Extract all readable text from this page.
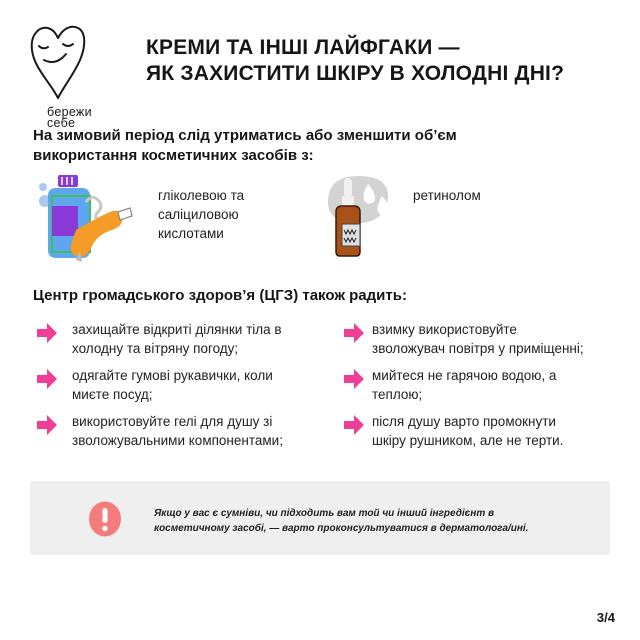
бережи
себе
КРЕМИ ТА ІНШІ ЛАЙФГАКИ —
ЯК ЗАХИСТИТИ ШКІРУ В ХОЛОДНІ ДНІ?
На зимовий період слід утриматись або зменшити об’єм
використання косметичних засобів з:
гліколевою та
саліциловою
кислотами
ретинолом
Центр громадського здоров’я (ЦГЗ) також радить:
захищайте відкриті ділянки тіла в
холодну та вітряну погоду;
одягайте гумові рукавички, коли
миєте посуд;
використовуйте гелі для душу зі
зволожувальними компонентами;
взимку використовуйте
зволожувач повітря у приміщенні;
мийтеся не гарячою водою, а
теплою;
після душу варто промокнути
шкіру рушником, але не терти.
Якщо у вас є сумніви, чи підходить вам той чи інший інгредієнт в
косметичному засобі, — варто проконсультуватися в дерматолога/ині.
3/4
